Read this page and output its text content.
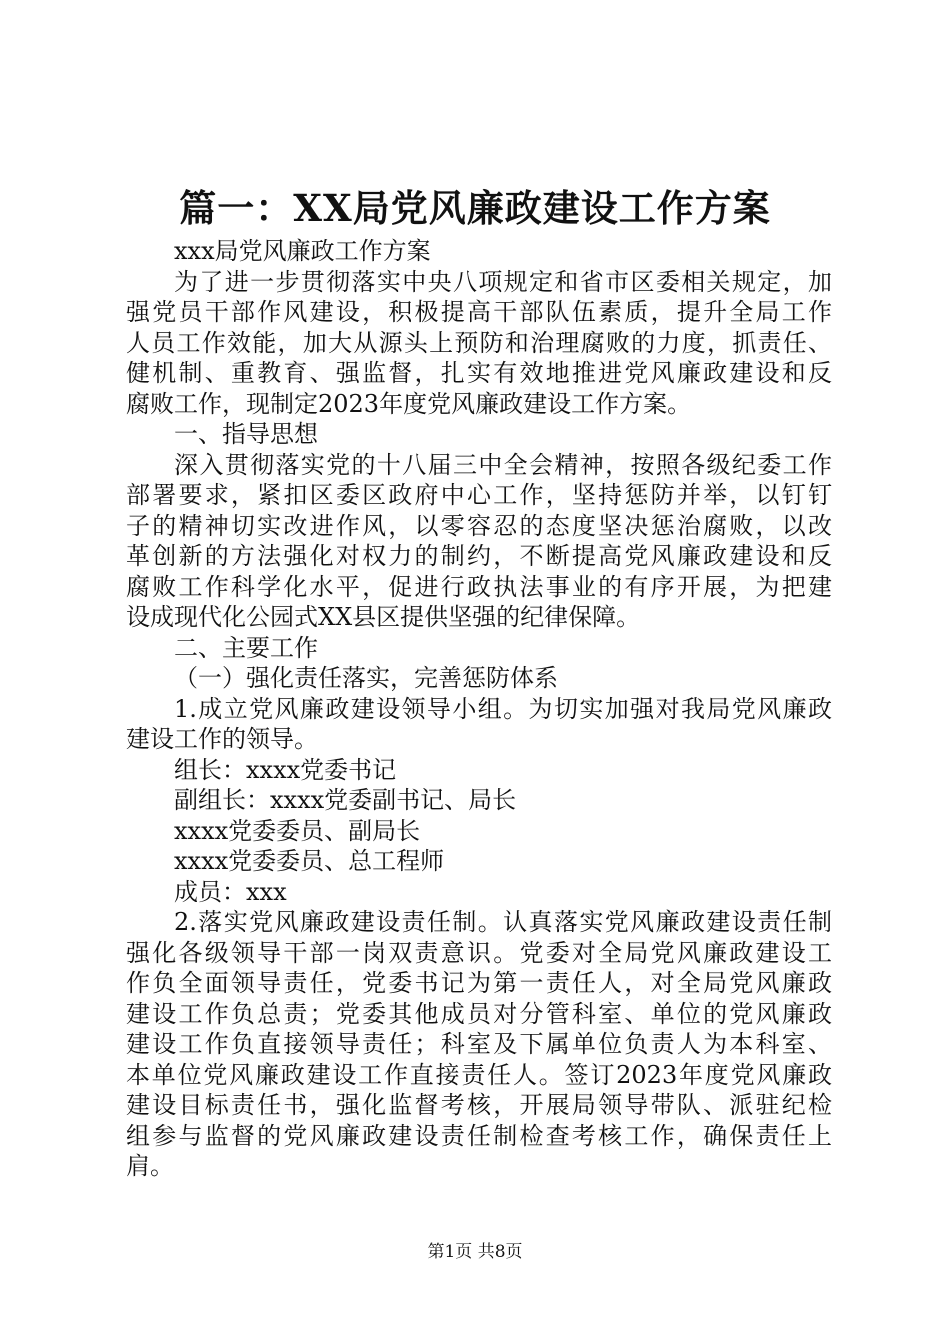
篇一：XX局党风廉政建设工作方案
xxx局党风廉政工作方案
为了进一步贯彻落实中央八项规定和省市区委相关规定，加
强党员干部作风建设，积极提高干部队伍素质，提升全局工作
人员工作效能，加大从源头上预防和治理腐败的力度，抓责任、
健机制、重教育、强监督，扎实有效地推进党风廉政建设和反
腐败工作，现制定2023年度党风廉政建设工作方案。
一、指导思想
深入贯彻落实党的十八届三中全会精神，按照各级纪委工作
部署要求，紧扣区委区政府中心工作，坚持惩防并举，以钉钉
子的精神切实改进作风，以零容忍的态度坚决惩治腐败，以改
革创新的方法强化对权力的制约，不断提高党风廉政建设和反
腐败工作科学化水平，促进行政执法事业的有序开展，为把建
设成现代化公园式XX县区提供坚强的纪律保障。
二、主要工作
（一）强化责任落实，完善惩防体系
1.成立党风廉政建设领导小组。为切实加强对我局党风廉政
建设工作的领导。
组长：xxxx党委书记
副组长：xxxx党委副书记、局长
xxxx党委委员、副局长
xxxx党委委员、总工程师
成员：xxx
2.落实党风廉政建设责任制。认真落实党风廉政建设责任制
强化各级领导干部一岗双责意识。党委对全局党风廉政建设工
作负全面领导责任，党委书记为第一责任人，对全局党风廉政
建设工作负总责；党委其他成员对分管科室、单位的党风廉政
建设工作负直接领导责任；科室及下属单位负责人为本科室、
本单位党风廉政建设工作直接责任人。签订2023年度党风廉政
建设目标责任书，强化监督考核，开展局领导带队、派驻纪检
组参与监督的党风廉政建设责任制检查考核工作，确保责任上
肩。
第1页 共8页
